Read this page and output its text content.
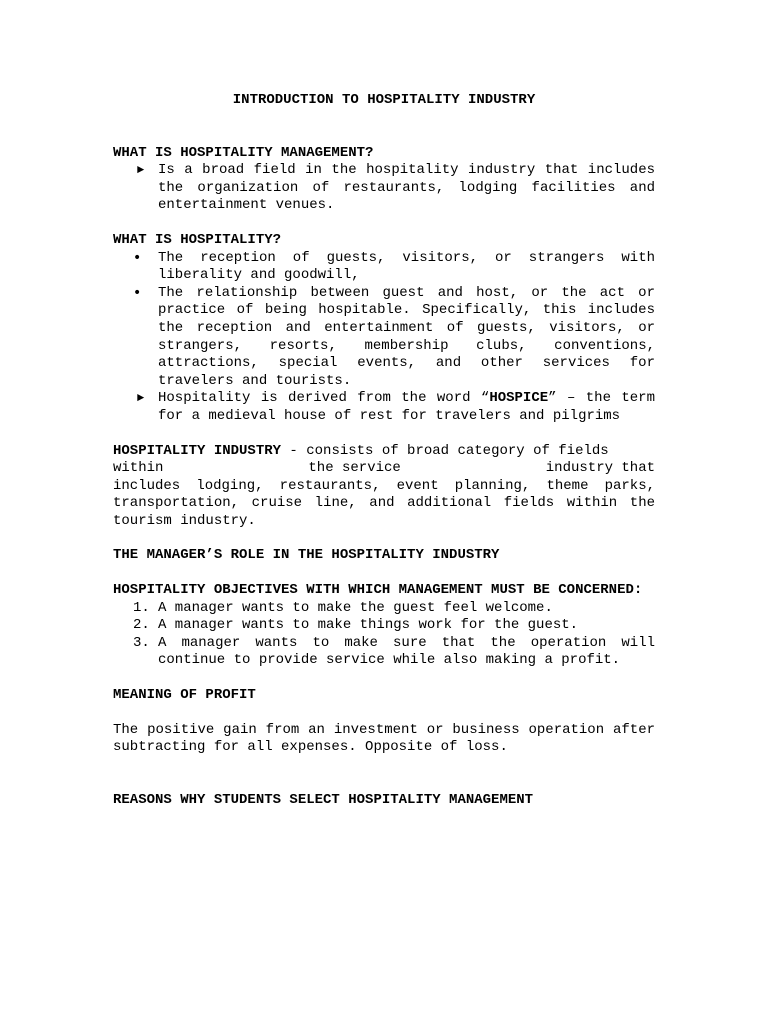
INTRODUCTION TO HOSPITALITY INDUSTRY

WHAT IS HOSPITALITY MANAGEMENT?

► Is a broad field in the hospitality industry that includes the organization of restaurants, lodging facilities and entertainment venues.

WHAT IS HOSPITALITY?

• The reception of guests, visitors, or strangers with liberality and goodwill,
• The relationship between guest and host, or the act or practice of being hospitable. Specifically, this includes the reception and entertainment of guests, visitors, or strangers, resorts, membership clubs, conventions, attractions, special events, and other services for travelers and tourists.
► Hospitality is derived from the word “HOSPICE” – the term for a medieval house of rest for travelers and pilgrims
HOSPITALITY INDUSTRY - consists of broad category of fields
within	the service	industry that
includes lodging, restaurants, event planning, theme parks, transportation, cruise line, and additional fields within the tourism industry.

THE MANAGER’S ROLE IN THE HOSPITALITY INDUSTRY

HOSPITALITY OBJECTIVES WITH WHICH MANAGEMENT MUST BE CONCERNED:

1. A manager wants to make the guest feel welcome.
2. A manager wants to make things work for the guest.
3. A manager wants to make sure that the operation will continue to provide service while also making a profit.

MEANING OF PROFIT

The positive gain from an investment or business operation after subtracting for all expenses. Opposite of loss.

REASONS WHY STUDENTS SELECT HOSPITALITY MANAGEMENT
